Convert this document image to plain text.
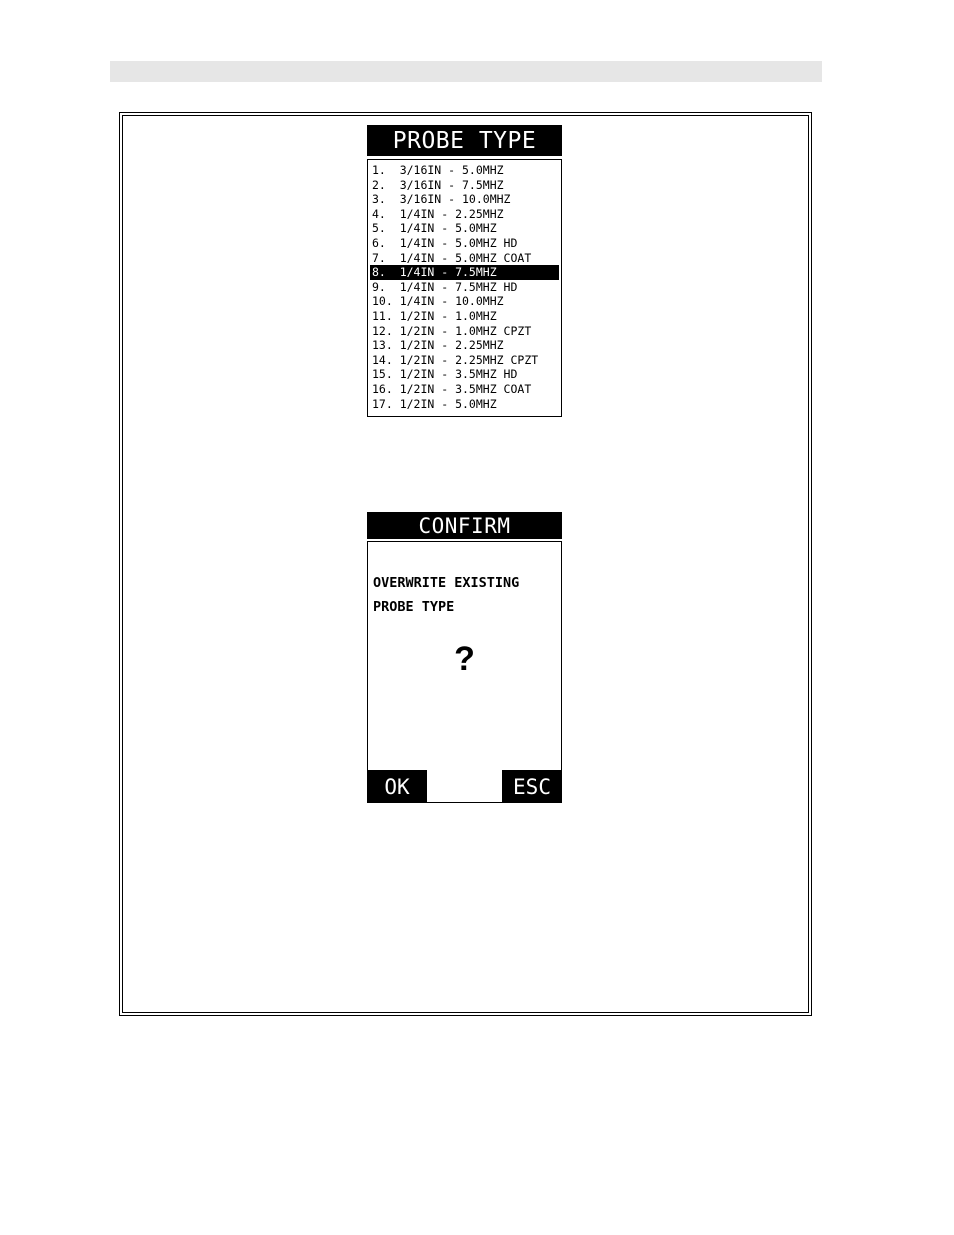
PROBE TYPE
1.  3/16IN - 5.0MHZ
2.  3/16IN - 7.5MHZ
3.  3/16IN - 10.0MHZ
4.  1/4IN - 2.25MHZ
5.  1/4IN - 5.0MHZ
6.  1/4IN - 5.0MHZ HD
7.  1/4IN - 5.0MHZ COAT
8.  1/4IN - 7.5MHZ
9.  1/4IN - 7.5MHZ HD
10. 1/4IN - 10.0MHZ
11. 1/2IN - 1.0MHZ
12. 1/2IN - 1.0MHZ CPZT
13. 1/2IN - 2.25MHZ
14. 1/2IN - 2.25MHZ CPZT
15. 1/2IN - 3.5MHZ HD
16. 1/2IN - 3.5MHZ COAT
17. 1/2IN - 5.0MHZ
CONFIRM
OVERWRITE EXISTING
PROBE TYPE
?
OK	ESC
